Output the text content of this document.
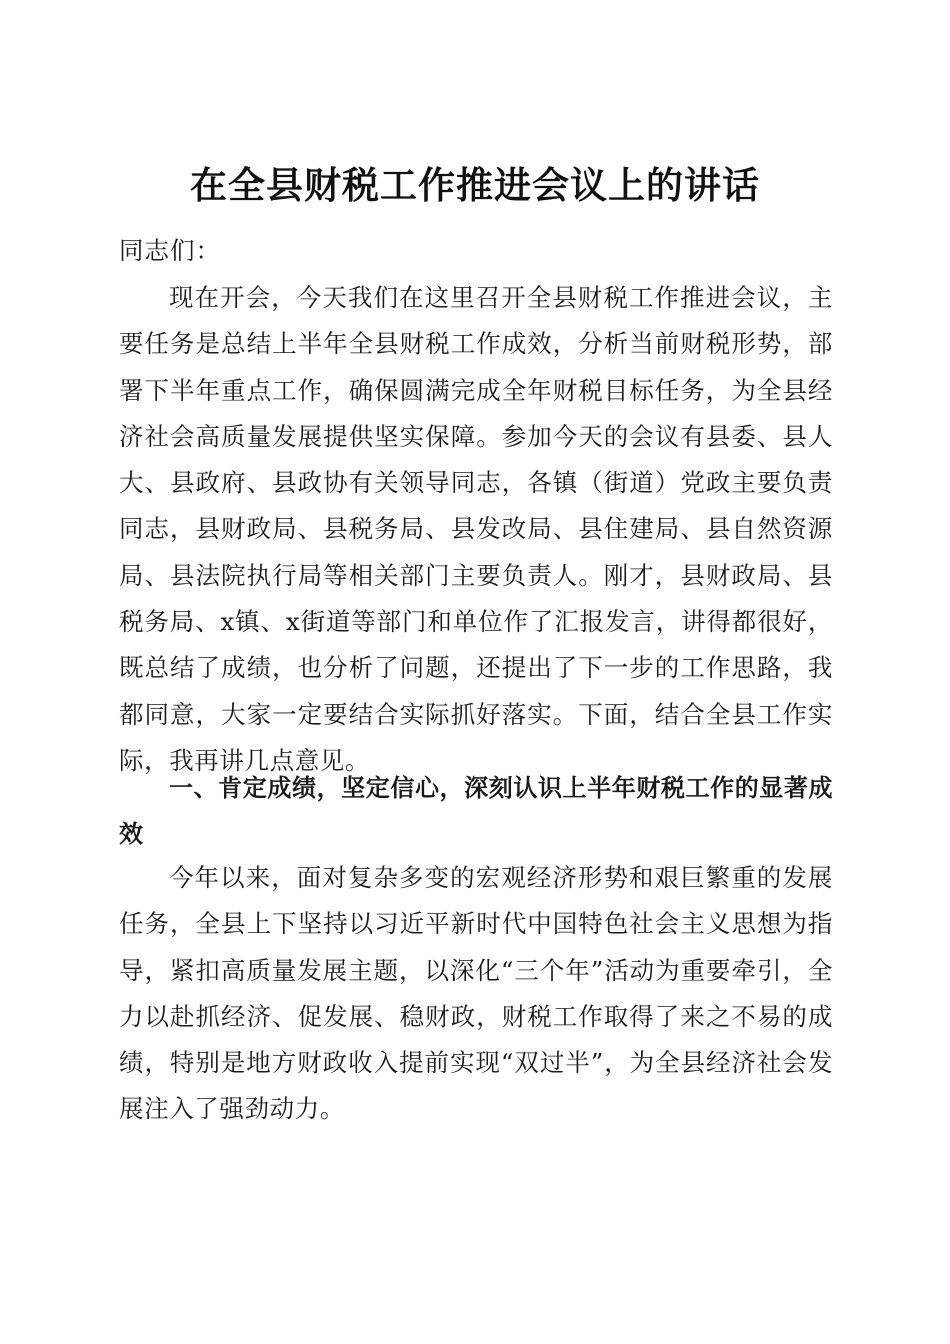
在全县财税工作推进会议上的讲话

同志们：

现在开会，今天我们在这里召开全县财税工作推进会议，主要任务是总结上半年全县财税工作成效，分析当前财税形势，部署下半年重点工作，确保圆满完成全年财税目标任务，为全县经济社会高质量发展提供坚实保障。参加今天的会议有县委、县人大、县政府、县政协有关领导同志，各镇（街道）党政主要负责同志，县财政局、县税务局、县发改局、县住建局、县自然资源局、县法院执行局等相关部门主要负责人。刚才，县财政局、县税务局、x镇、x街道等部门和单位作了汇报发言，讲得都很好，既总结了成绩，也分析了问题，还提出了下一步的工作思路，我都同意，大家一定要结合实际抓好落实。下面，结合全县工作实际，我再讲几点意见。

一、肯定成绩，坚定信心，深刻认识上半年财税工作的显著成效

今年以来，面对复杂多变的宏观经济形势和艰巨繁重的发展任务，全县上下坚持以习近平新时代中国特色社会主义思想为指导，紧扣高质量发展主题，以深化“三个年”活动为重要牵引，全力以赴抓经济、促发展、稳财政，财税工作取得了来之不易的成绩，特别是地方财政收入提前实现“双过半”，为全县经济社会发展注入了强劲动力。
